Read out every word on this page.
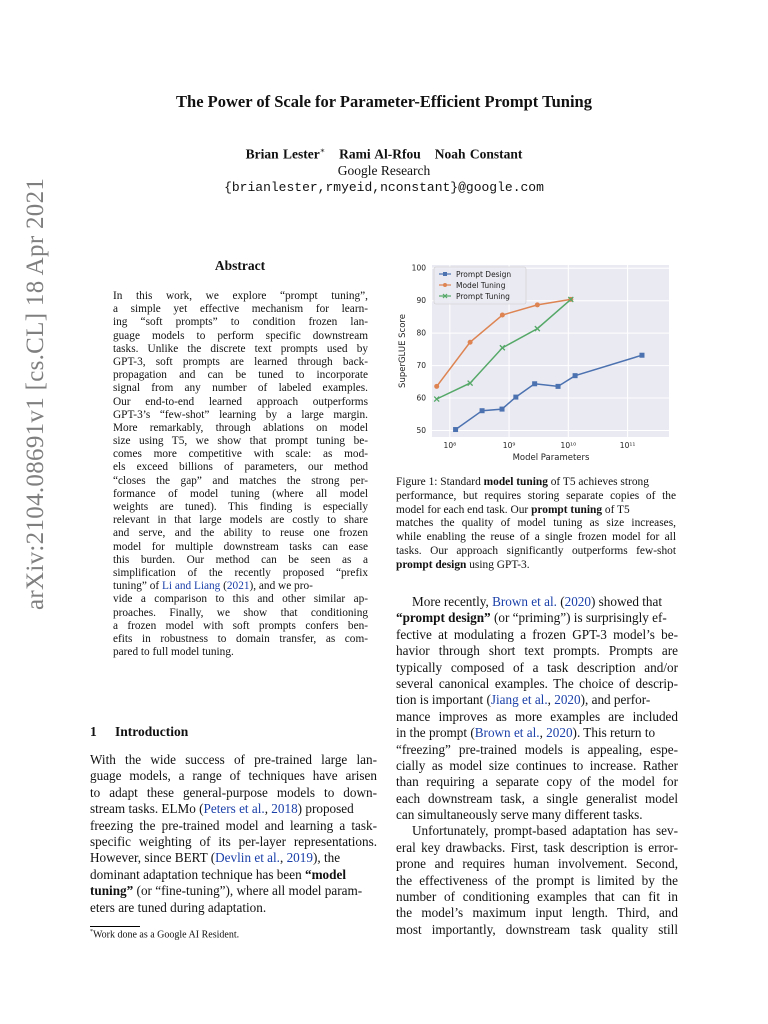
arXiv:2104.08691v1 [cs.CL] 18 Apr 2021
The Power of Scale for Parameter-Efficient Prompt Tuning
Brian Lester∗ Rami Al-Rfou Noah Constant
Google Research
{brianlester,rmyeid,nconstant}@google.com
Abstract
In this work, we explore “prompt tuning”,
a simple yet effective mechanism for learn-
ing “soft prompts” to condition frozen lan-
guage models to perform specific downstream
tasks. Unlike the discrete text prompts used by
GPT-3, soft prompts are learned through back-
propagation and can be tuned to incorporate
signal from any number of labeled examples.
Our end-to-end learned approach outperforms
GPT-3’s “few-shot” learning by a large margin.
More remarkably, through ablations on model
size using T5, we show that prompt tuning be-
comes more competitive with scale: as mod-
els exceed billions of parameters, our method
“closes the gap” and matches the strong per-
formance of model tuning (where all model
weights are tuned). This finding is especially
relevant in that large models are costly to share
and serve, and the ability to reuse one frozen
model for multiple downstream tasks can ease
this burden. Our method can be seen as a
simplification of the recently proposed “prefix
tuning” of Li and Liang (2021), and we pro-
vide a comparison to this and other similar ap-
proaches. Finally, we show that conditioning
a frozen model with soft prompts confers ben-
efits in robustness to domain transfer, as com-
pared to full model tuning.
1 Introduction
With the wide success of pre-trained large lan-
guage models, a range of techniques have arisen
to adapt these general-purpose models to down-
stream tasks. ELMo (Peters et al., 2018) proposed
freezing the pre-trained model and learning a task-
specific weighting of its per-layer representations.
However, since BERT (Devlin et al., 2019), the
dominant adaptation technique has been “model
tuning” (or “fine-tuning”), where all model param-
eters are tuned during adaptation.
*Work done as a Google AI Resident.
50
60
70
80
90
100
10⁸	10⁹	10¹⁰	10¹¹
Model Parameters
SuperGLUE Score
Prompt Design
Model Tuning
Prompt Tuning
Figure 1: Standard model tuning of T5 achieves strong
performance, but requires storing separate copies of the
model for each end task. Our prompt tuning of T5
matches the quality of model tuning as size increases,
while enabling the reuse of a single frozen model for all
tasks. Our approach significantly outperforms few-shot
prompt design using GPT-3.
More recently, Brown et al. (2020) showed that
“prompt design” (or “priming”) is surprisingly ef-
fective at modulating a frozen GPT-3 model’s be-
havior through short text prompts. Prompts are
typically composed of a task description and/or
several canonical examples. The choice of descrip-
tion is important (Jiang et al., 2020), and perfor-
mance improves as more examples are included
in the prompt (Brown et al., 2020). This return to
“freezing” pre-trained models is appealing, espe-
cially as model size continues to increase. Rather
than requiring a separate copy of the model for
each downstream task, a single generalist model
can simultaneously serve many different tasks.
Unfortunately, prompt-based adaptation has sev-
eral key drawbacks. First, task description is error-
prone and requires human involvement. Second,
the effectiveness of the prompt is limited by the
number of conditioning examples that can fit in
the model’s maximum input length. Third, and
most importantly, downstream task quality still
